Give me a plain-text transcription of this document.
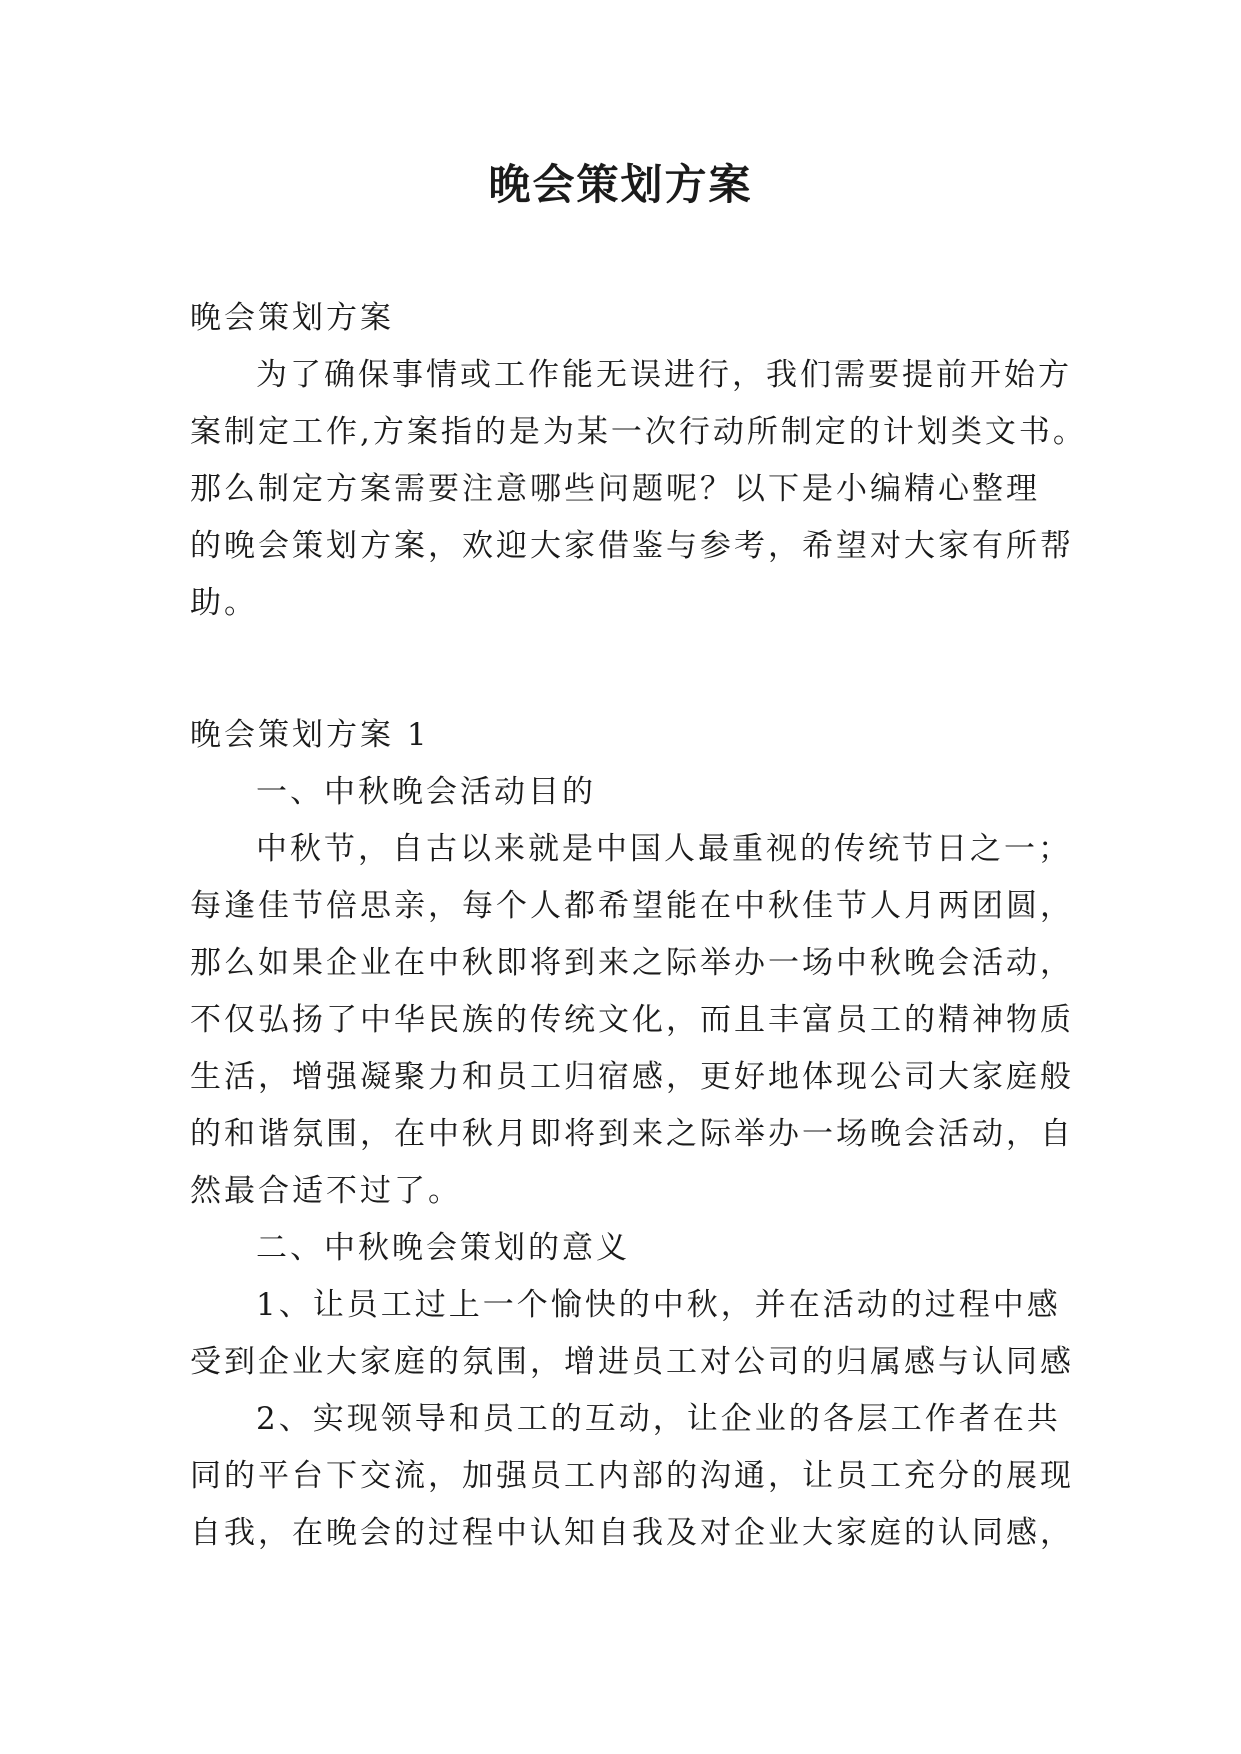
晚会策划方案

晚会策划方案

为了确保事情或工作能无误进行，我们需要提前开始方

案制定工作,方案指的是为某一次行动所制定的计划类文书。

那么制定方案需要注意哪些问题呢？以下是小编精心整理

的晚会策划方案，欢迎大家借鉴与参考，希望对大家有所帮

助。

晚会策划方案 1

一、中秋晚会活动目的

中秋节，自古以来就是中国人最重视的传统节日之一；

每逢佳节倍思亲，每个人都希望能在中秋佳节人月两团圆，

那么如果企业在中秋即将到来之际举办一场中秋晚会活动，

不仅弘扬了中华民族的传统文化，而且丰富员工的精神物质

生活，增强凝聚力和员工归宿感，更好地体现公司大家庭般

的和谐氛围，在中秋月即将到来之际举办一场晚会活动，自

然最合适不过了。

二、中秋晚会策划的意义

1、让员工过上一个愉快的中秋，并在活动的过程中感

受到企业大家庭的氛围，增进员工对公司的归属感与认同感

2、实现领导和员工的互动，让企业的各层工作者在共

同的平台下交流，加强员工内部的沟通，让员工充分的展现

自我，在晚会的过程中认知自我及对企业大家庭的认同感，
